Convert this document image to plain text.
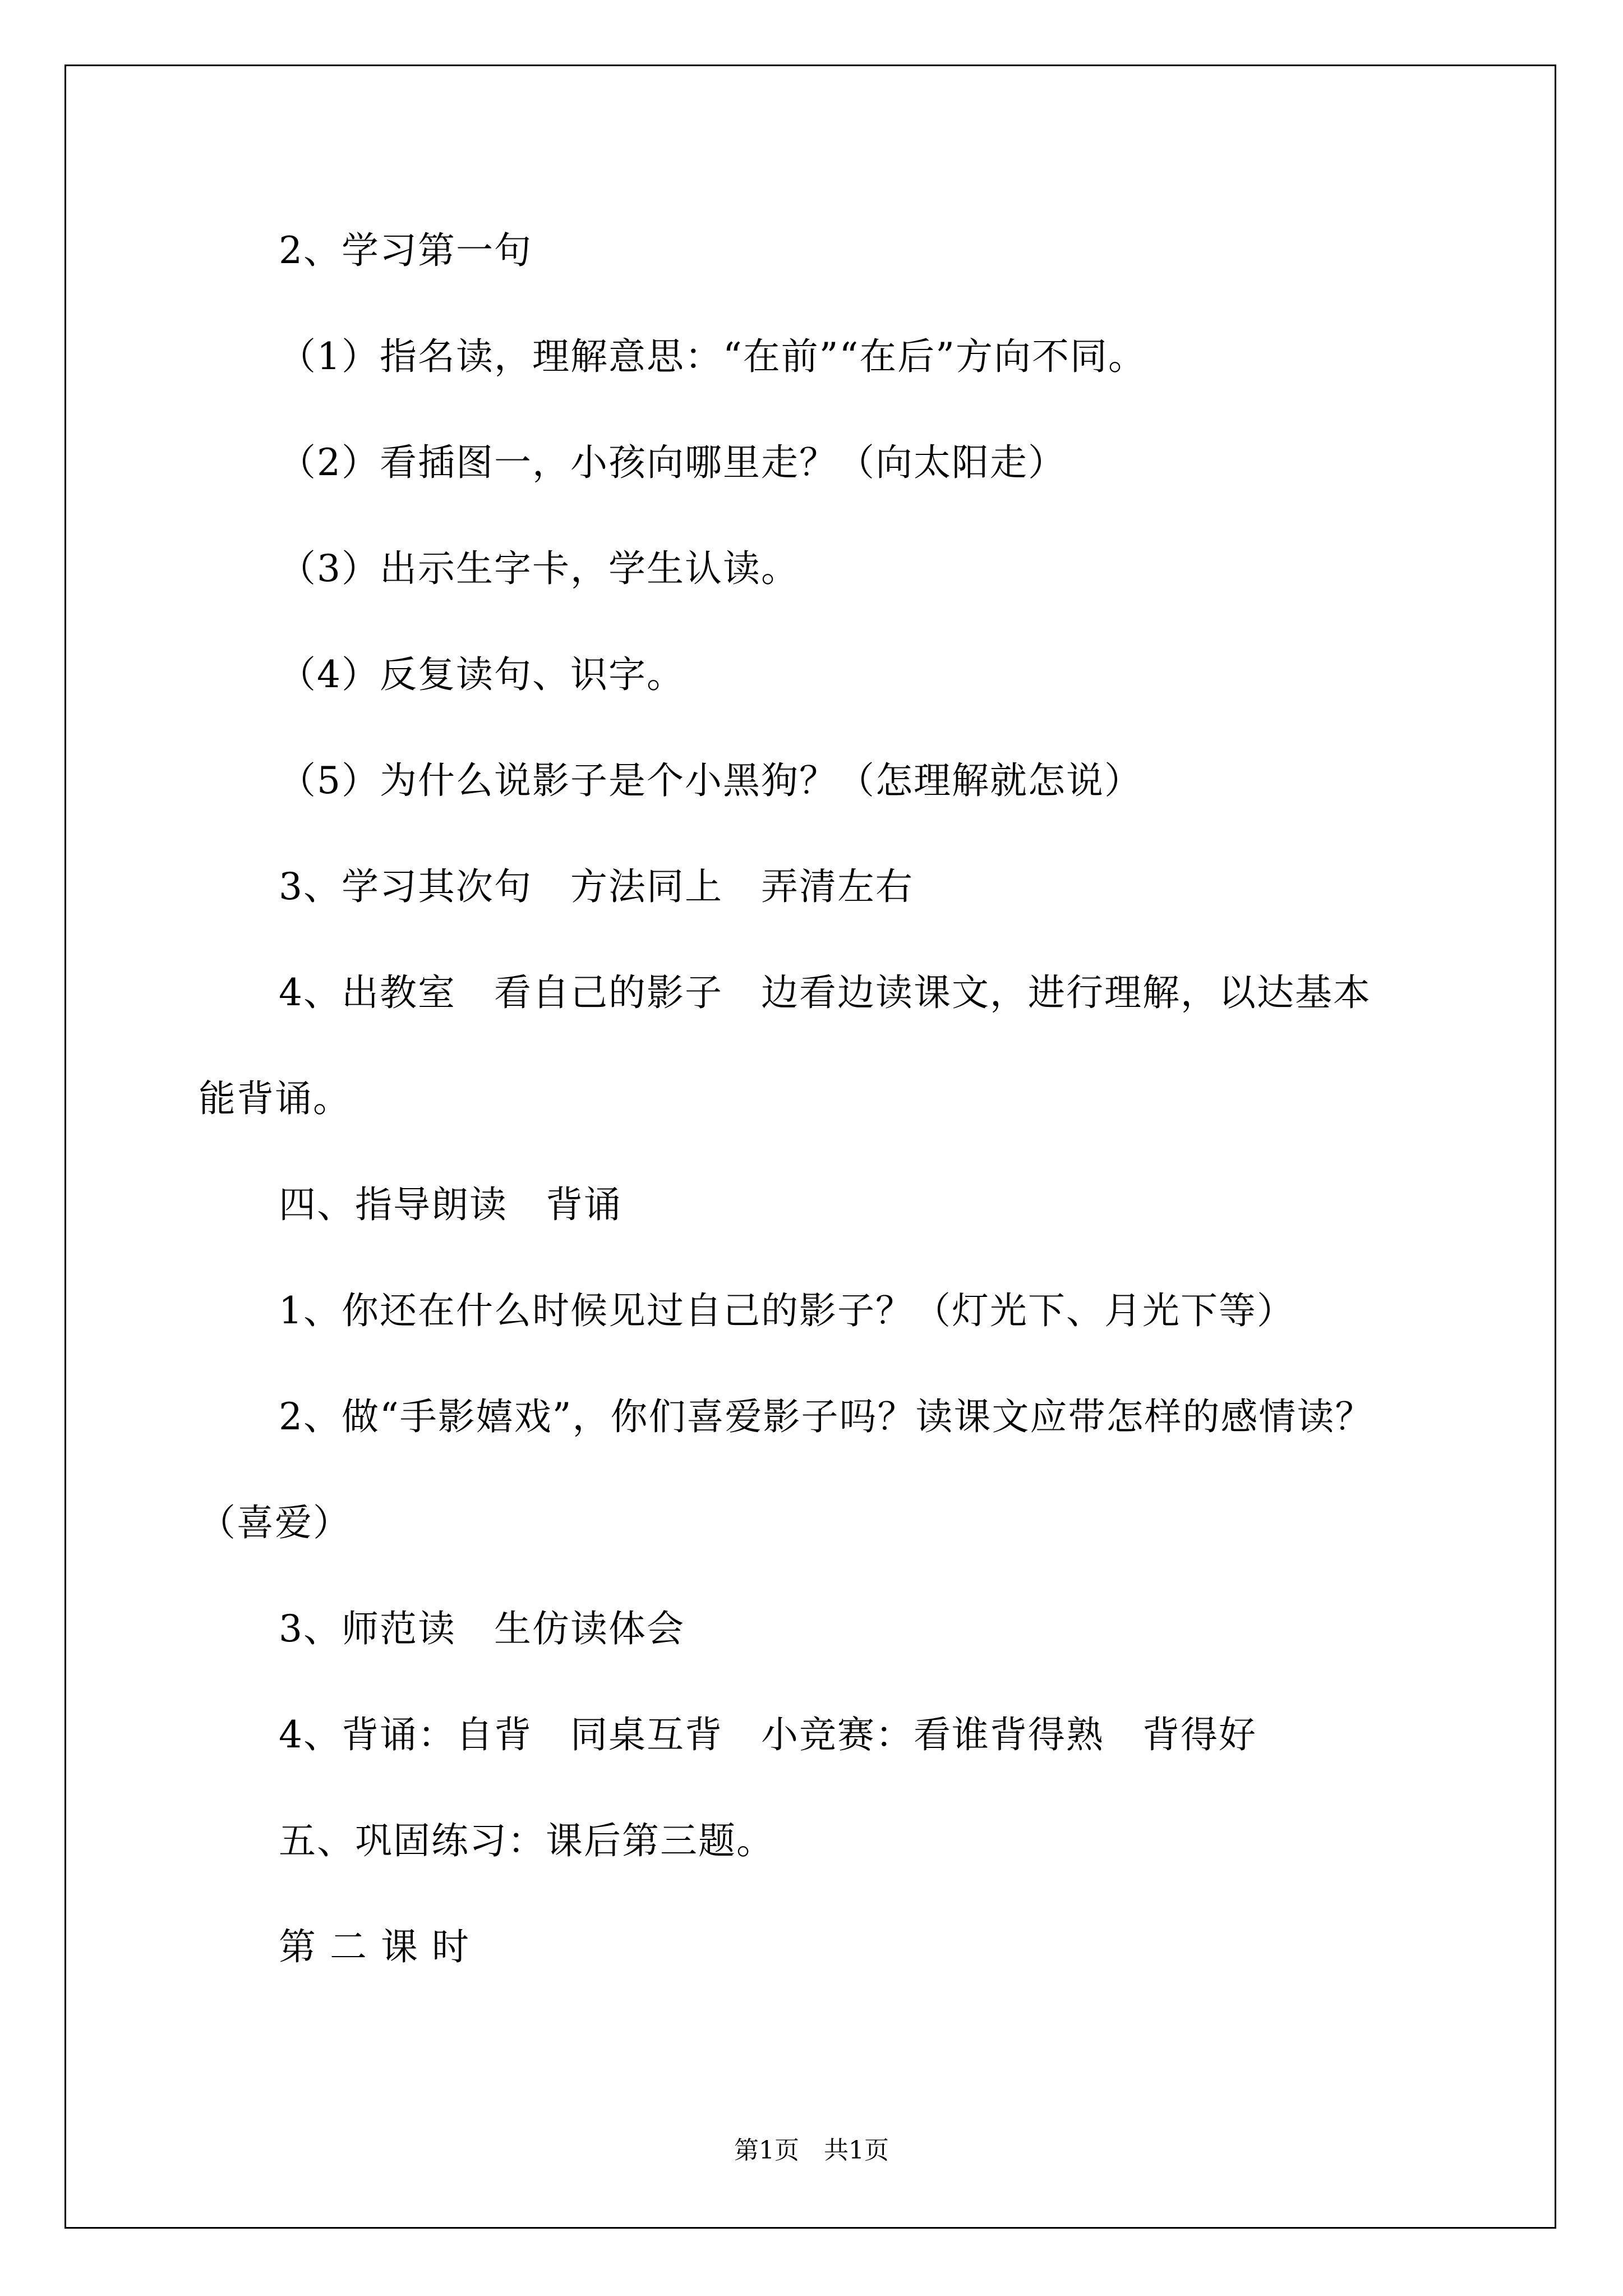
2、学习第一句
（1）指名读，理解意思：“在前”“在后”方向不同。
（2）看插图一，小孩向哪里走？（向太阳走）
（3）出示生字卡，学生认读。
（4）反复读句、识字。
（5）为什么说影子是个小黑狗？（怎理解就怎说）
3、学习其次句　方法同上　弄清左右
4、出教室　看自己的影子　边看边读课文，进行理解，以达基本
能背诵。
四、指导朗读　背诵
1、你还在什么时候见过自己的影子？（灯光下、月光下等）
2、做“手影嬉戏”，你们喜爱影子吗？读课文应带怎样的感情读？
（喜爱）
3、师范读　生仿读体会
4、背诵：自背　同桌互背　小竞赛：看谁背得熟　背得好
五、巩固练习：课后第三题。
第 二 课 时
第1页　共1页
